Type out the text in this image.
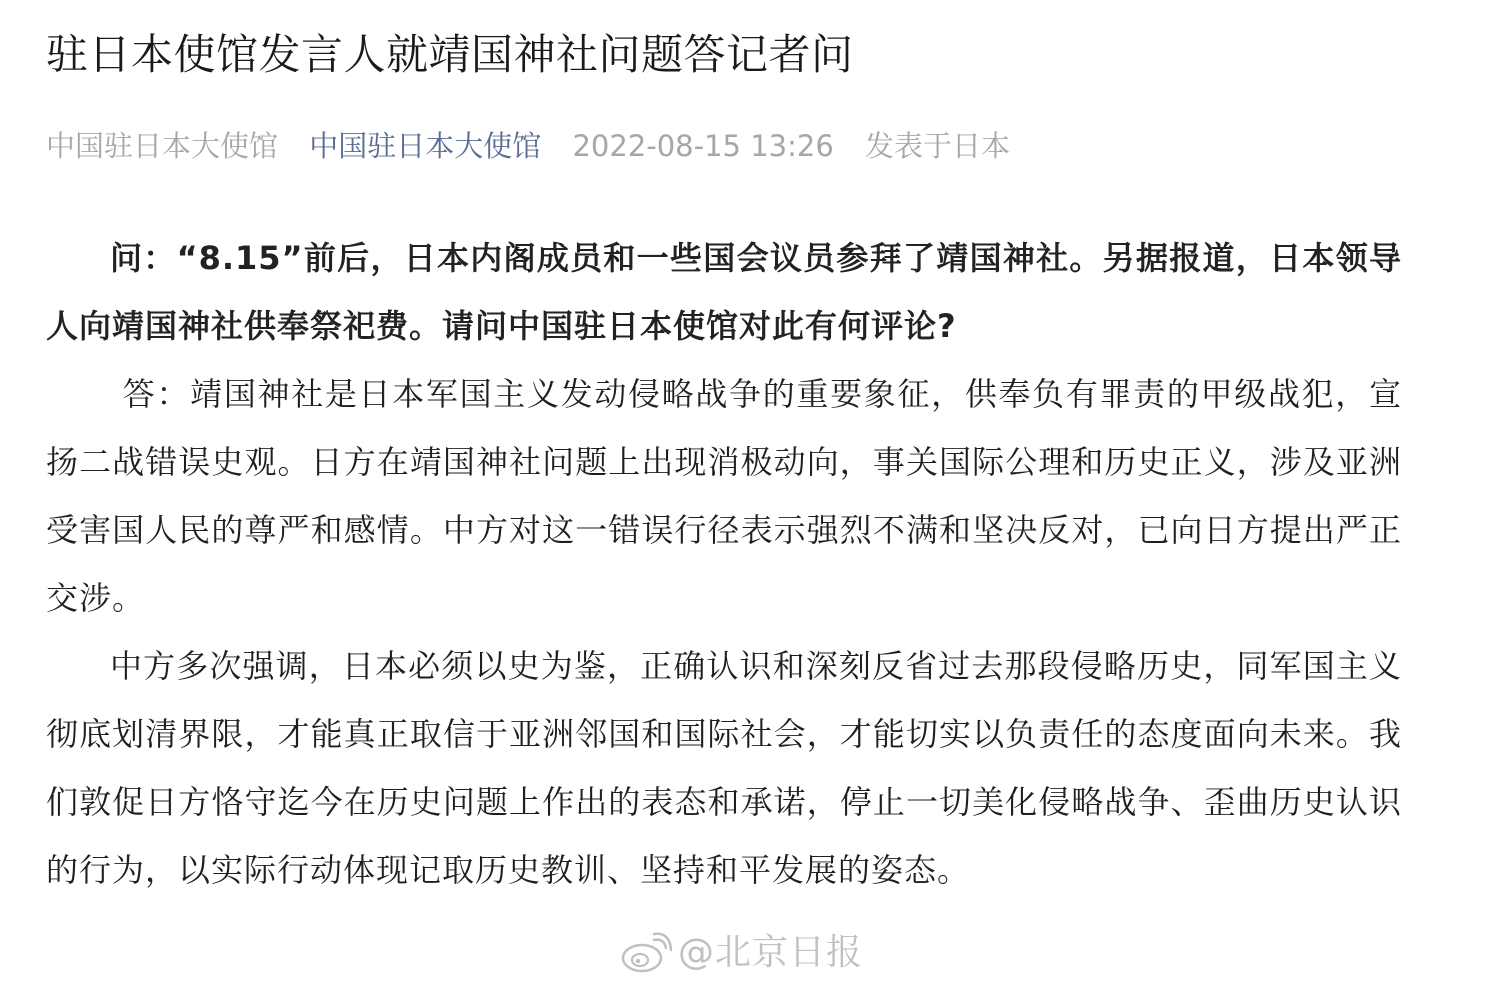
驻日本使馆发言人就靖国神社问题答记者问
中国驻日本大使馆 中国驻日本大使馆 2022-08-15 13:26 发表于日本

问：“8.15”前后，日本内阁成员和一些国会议员参拜了靖国神社。另据报道，日本领导人向靖国神社供奉祭祀费。请问中国驻日本使馆对此有何评论?

答：靖国神社是日本军国主义发动侵略战争的重要象征，供奉负有罪责的甲级战犯，宣扬二战错误史观。日方在靖国神社问题上出现消极动向，事关国际公理和历史正义，涉及亚洲受害国人民的尊严和感情。中方对这一错误行径表示强烈不满和坚决反对，已向日方提出严正交涉。

中方多次强调，日本必须以史为鉴，正确认识和深刻反省过去那段侵略历史，同军国主义彻底划清界限，才能真正取信于亚洲邻国和国际社会，才能切实以负责任的态度面向未来。我们敦促日方恪守迄今在历史问题上作出的表态和承诺，停止一切美化侵略战争、歪曲历史认识的行为，以实际行动体现记取历史教训、坚持和平发展的姿态。

@北京日报
